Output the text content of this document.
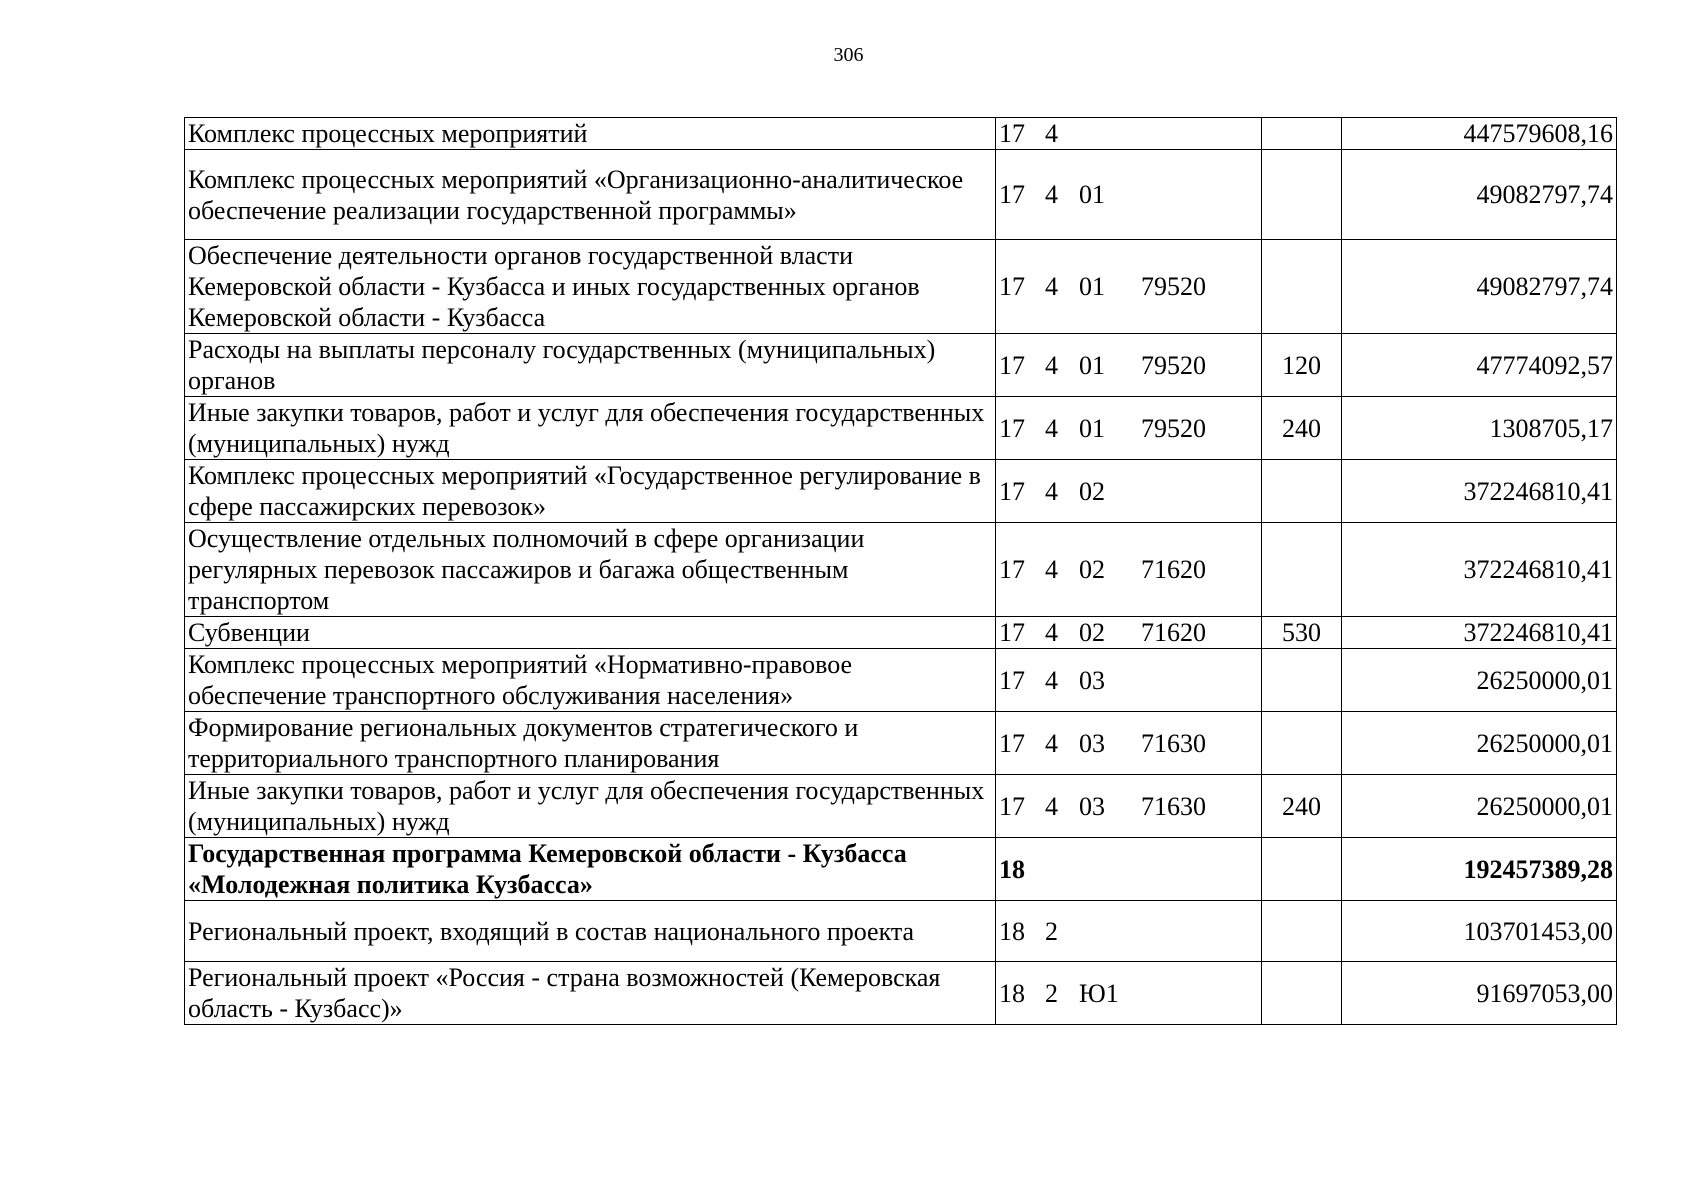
306
Комплекс процессных мероприятий	17 4		447579608,16
Комплекс процессных мероприятий «Организационно-аналитическое обеспечение реализации государственной программы»	17 4 01		49082797,74
Обеспечение деятельности органов государственной власти Кемеровской области - Кузбасса и иных государственных органов Кемеровской области - Кузбасса	17 4 01 79520		49082797,74
Расходы на выплаты персоналу государственных (муниципальных) органов	17 4 01 79520	120	47774092,57
Иные закупки товаров, работ и услуг для обеспечения государственных (муниципальных) нужд	17 4 01 79520	240	1308705,17
Комплекс процессных мероприятий «Государственное регулирование в сфере пассажирских перевозок»	17 4 02		372246810,41
Осуществление отдельных полномочий в сфере организации регулярных перевозок пассажиров и багажа общественным транспортом	17 4 02 71620		372246810,41
Субвенции	17 4 02 71620	530	372246810,41
Комплекс процессных мероприятий «Нормативно-правовое обеспечение транспортного обслуживания населения»	17 4 03		26250000,01
Формирование региональных документов стратегического и территориального транспортного планирования	17 4 03 71630		26250000,01
Иные закупки товаров, работ и услуг для обеспечения государственных (муниципальных) нужд	17 4 03 71630	240	26250000,01
Государственная программа Кемеровской области - Кузбасса «Молодежная политика Кузбасса»	18		192457389,28
Региональный проект, входящий в состав национального проекта	18 2		103701453,00
Региональный проект «Россия - страна возможностей (Кемеровская область - Кузбасс)»	18 2 Ю1		91697053,00
